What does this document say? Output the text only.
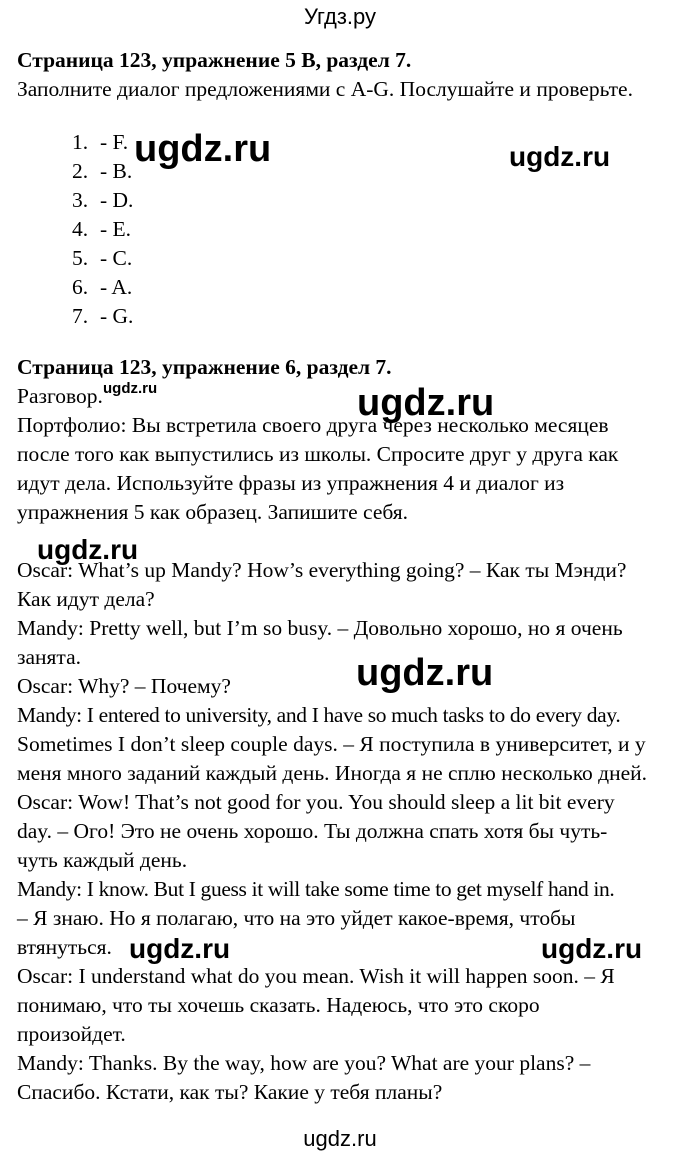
Угдз.ру

Страница 123, упражнение 5 B, раздел 7.

Заполните диалог предложениями с A-G. Послушайте и проверьте.

1. - F.
2. - B.
3. - D.
4. - E.
5. - C.
6. - A.
7. - G.

Страница 123, упражнение 6, раздел 7.

Разговор.

Портфолио: Вы встретила своего друга через несколько месяцев

после того как выпустились из школы. Спросите друг у друга как

идут дела. Используйте фразы из упражнения 4 и диалог из

упражнения 5 как образец. Запишите себя.

Oscar: What’s up Mandy? How’s everything going? – Как ты Мэнди?

Как идут дела?

Mandy: Pretty well, but I’m so busy. – Довольно хорошо, но я очень

занята.

Oscar: Why? – Почему?

Mandy: I entered to university, and I have so much tasks to do every day.

Sometimes I don’t sleep couple days. – Я поступила в университет, и у

меня много заданий каждый день. Иногда я не сплю несколько дней.

Oscar: Wow! That’s not good for you. You should sleep a lit bit every

day. – Ого! Это не очень хорошо. Ты должна спать хотя бы чуть-

чуть каждый день.

Mandy: I know. But I guess it will take some time to get myself hand in.

– Я знаю. Но я полагаю, что на это уйдет какое-время, чтобы

втянуться.

Oscar: I understand what do you mean. Wish it will happen soon. – Я

понимаю, что ты хочешь сказать. Надеюсь, что это скоро

произойдет.

Mandy: Thanks. By the way, how are you? What are your plans? –

Спасибо. Кстати, как ты? Какие у тебя планы?

ugdz.ru	ugdz.ru
ugdz.ru	ugdz.ru
ugdz.ru
ugdz.ru
ugdz.ru	ugdz.ru
ugdz.ru
